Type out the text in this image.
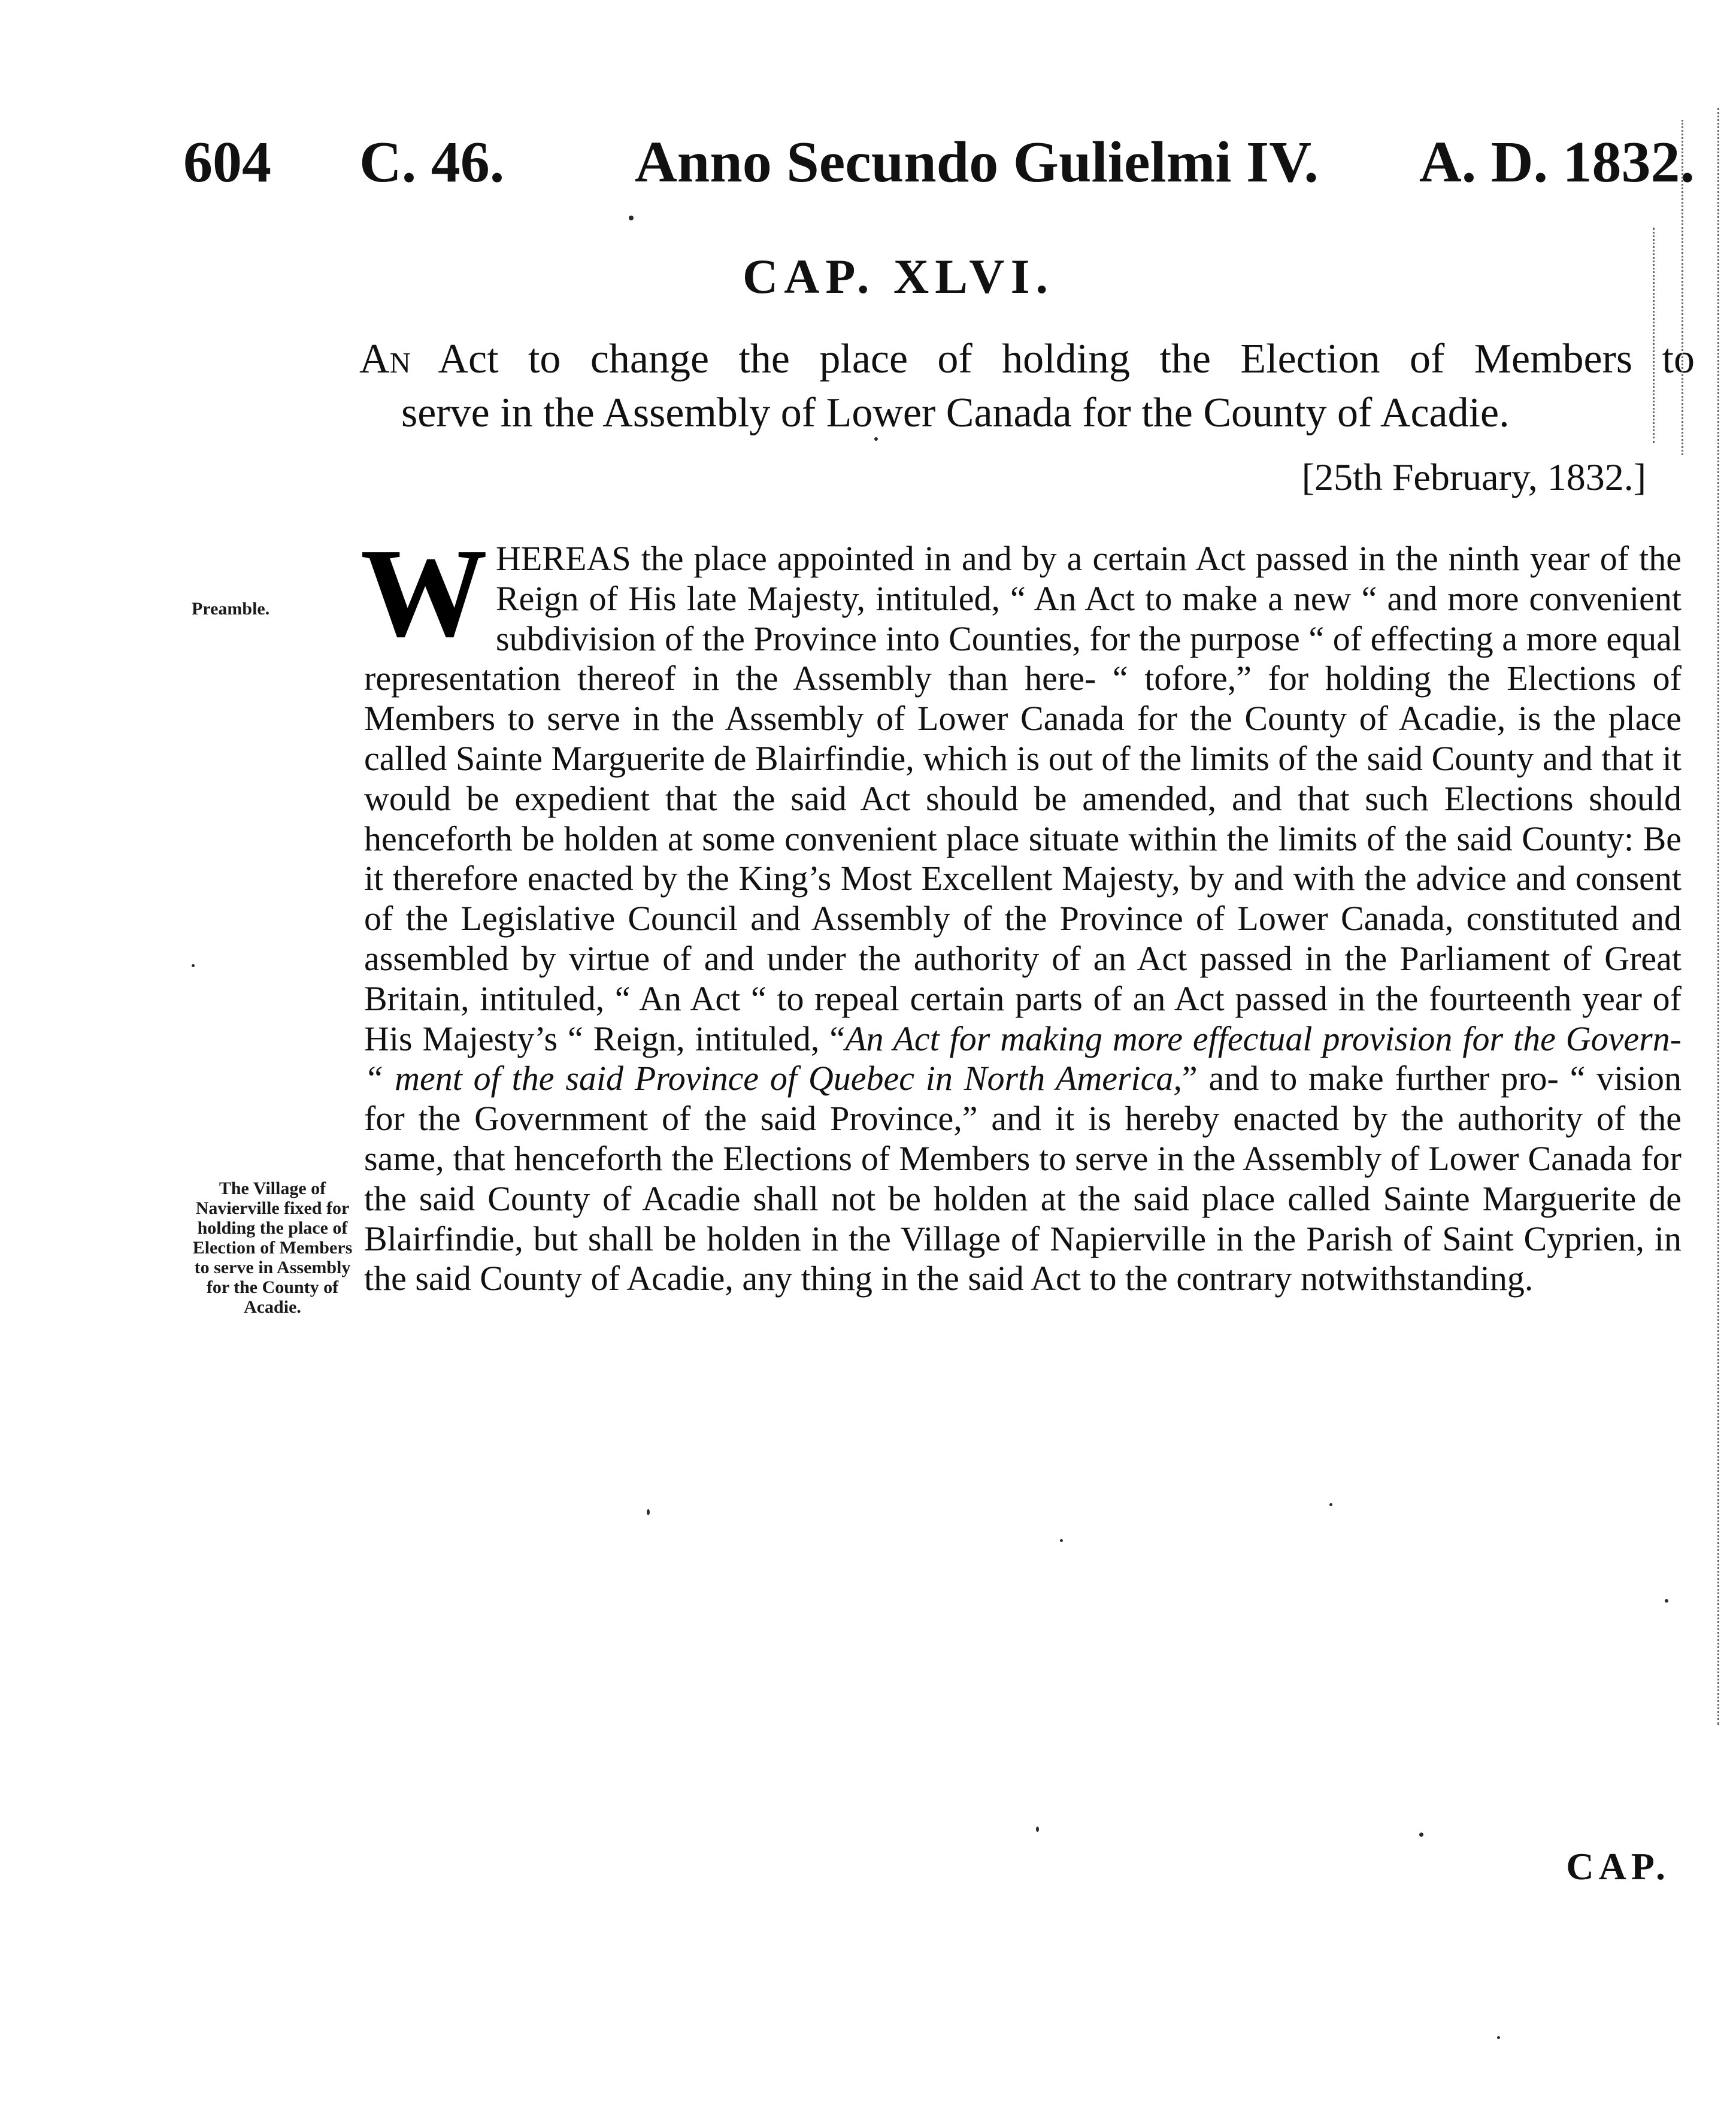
604 C. 46. Anno Secundo Gulielmi IV. A. D. 1832.
CAP. XLVI.
An Act to change the place of holding the Election of Members to
serve in the Assembly of Lower Canada for the County of Acadie.
[25th February, 1832.]
Preamble.
The Village of Navierville fixed for holding the place of Election of Members to serve in Assembly for the County of Acadie.
WHEREAS the place appointed in and by a certain Act passed in the ninth year of the Reign of His late Majesty, intituled, “ An Act to make a new “ and more convenient subdivision of the Province into Counties, for the purpose “ of effecting a more equal representation thereof in the Assembly than here- “ tofore,” for holding the Elections of Members to serve in the Assembly of Lower Canada for the County of Acadie, is the place called Sainte Marguerite de Blairfindie, which is out of the limits of the said County and that it would be expedient that the said Act should be amended, and that such Elections should henceforth be holden at some convenient place situate within the limits of the said County: Be it therefore enacted by the King’s Most Excellent Majesty, by and with the advice and consent of the Legislative Council and Assembly of the Province of Lower Canada, constituted and assembled by virtue of and under the authority of an Act passed in the Parliament of Great Britain, intituled, “ An Act “ to repeal certain parts of an Act passed in the fourteenth year of His Majesty’s “ Reign, intituled, “An Act for making more effectual provision for the Govern- “ ment of the said Province of Quebec in North America,” and to make further pro- “ vision for the Government of the said Province,” and it is hereby enacted by the authority of the same, that henceforth the Elections of Members to serve in the Assembly of Lower Canada for the said County of Acadie shall not be holden at the said place called Sainte Marguerite de Blairfindie, but shall be holden in the Village of Napierville in the Parish of Saint Cyprien, in the said County of Acadie, any thing in the said Act to the contrary notwithstanding.
CAP.
